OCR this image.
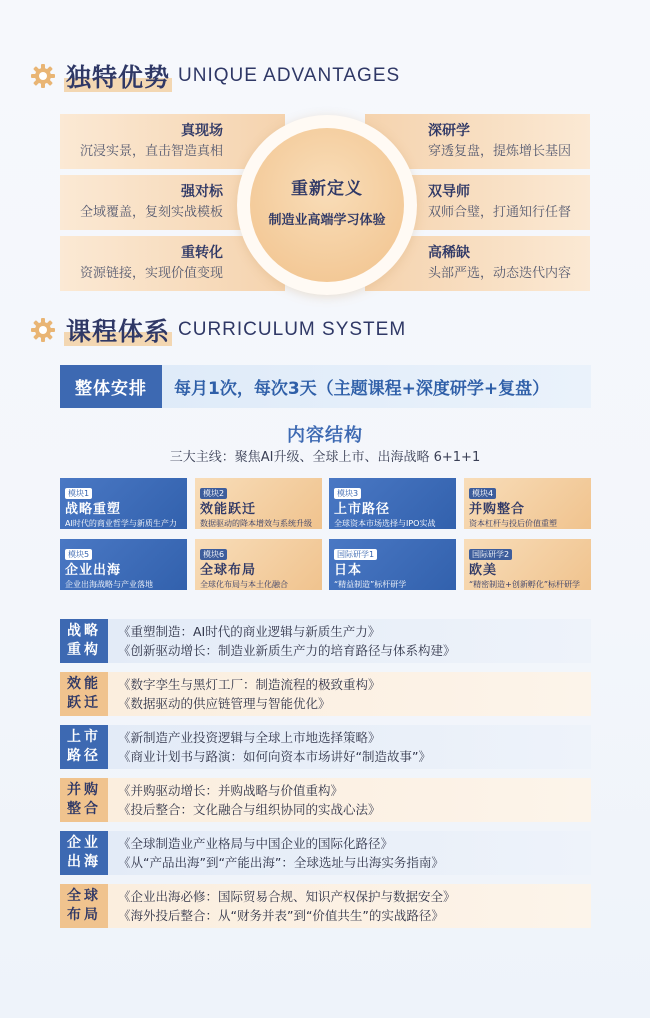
独特优势 UNIQUE ADVANTAGES
真现场
沉浸实景，直击智造真相
强对标
全域覆盖，复刻实战模板
重转化
资源链接，实现价值变现
深研学
穿透复盘，提炼增长基因
双导师
双师合璧，打通知行任督
高稀缺
头部严选，动态迭代内容
重新定义
制造业高端学习体验
课程体系 CURRICULUM SYSTEM
整体安排	每月1次，每次3天（主题课程+深度研学+复盘）
内容结构
三大主线：聚焦AI升级、全球上市、出海战略 6+1+1
模块1
战略重塑
AI时代的商业哲学与新质生产力
模块2
效能跃迁
数据驱动的降本增效与系统升级
模块3
上市路径
全球资本市场选择与IPO实战
模块4
并购整合
资本杠杆与投后价值重塑
模块5
企业出海
企业出海战略与产业落地
模块6
全球布局
全球化布局与本土化融合
国际研学1
日本
“精益制造”标杆研学
国际研学2
欧美
“精密制造+创新孵化”标杆研学
战略重构
《重塑制造：AI时代的商业逻辑与新质生产力》
《创新驱动增长：制造业新质生产力的培育路径与体系构建》
效能跃迁
《数字孪生与黑灯工厂：制造流程的极致重构》
《数据驱动的供应链管理与智能优化》
上市路径
《新制造产业投资逻辑与全球上市地选择策略》
《商业计划书与路演：如何向资本市场讲好“制造故事”》
并购整合
《并购驱动增长：并购战略与价值重构》
《投后整合：文化融合与组织协同的实战心法》
企业出海
《全球制造业产业格局与中国企业的国际化路径》
《从“产品出海”到“产能出海”：全球选址与出海实务指南》
全球布局
《企业出海必修：国际贸易合规、知识产权保护与数据安全》
《海外投后整合：从“财务并表”到“价值共生”的实战路径》
